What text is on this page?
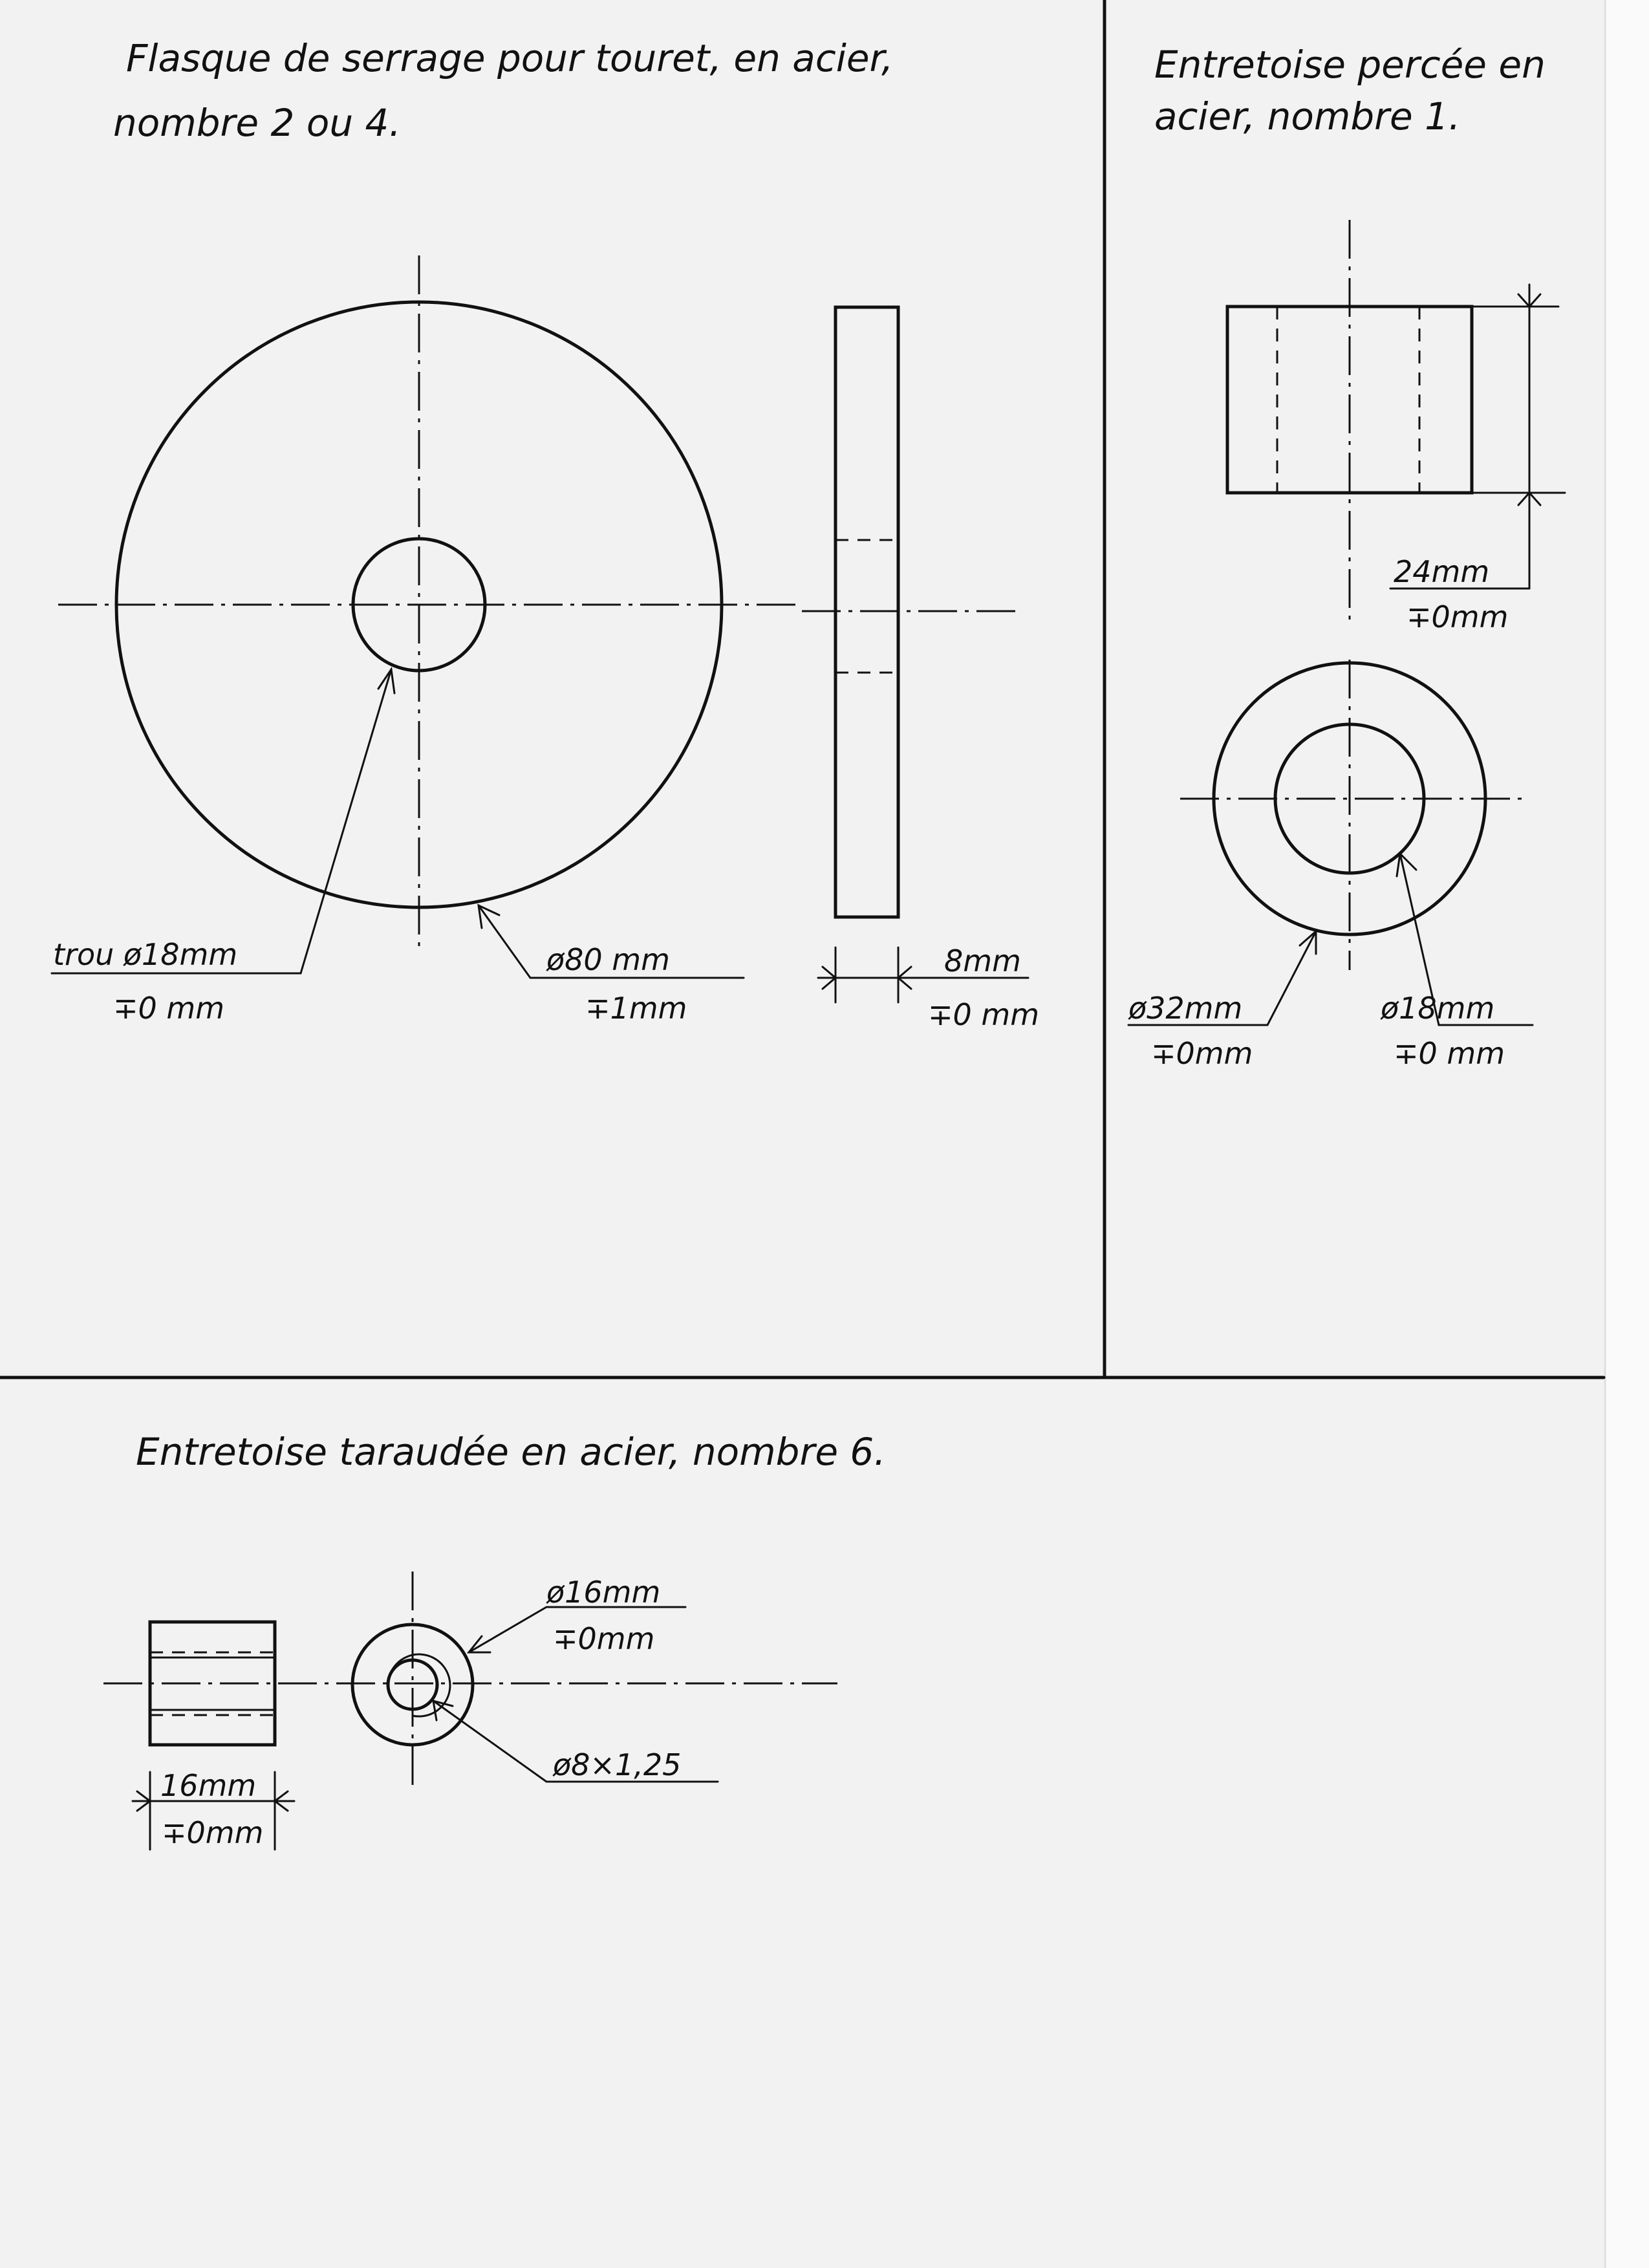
Flasque de serrage pour touret, en acier,
nombre 2 ou 4.
trou ø18mm
∓0 mm
ø80 mm
∓1mm
8mm
∓0 mm
Entretoise percée en
acier, nombre 1.
24mm
∓0mm
ø32mm
∓0mm
ø18mm
∓0 mm
Entretoise taraudée en acier, nombre 6.
16mm
∓0mm
ø16mm
∓0mm
ø8×1,25
